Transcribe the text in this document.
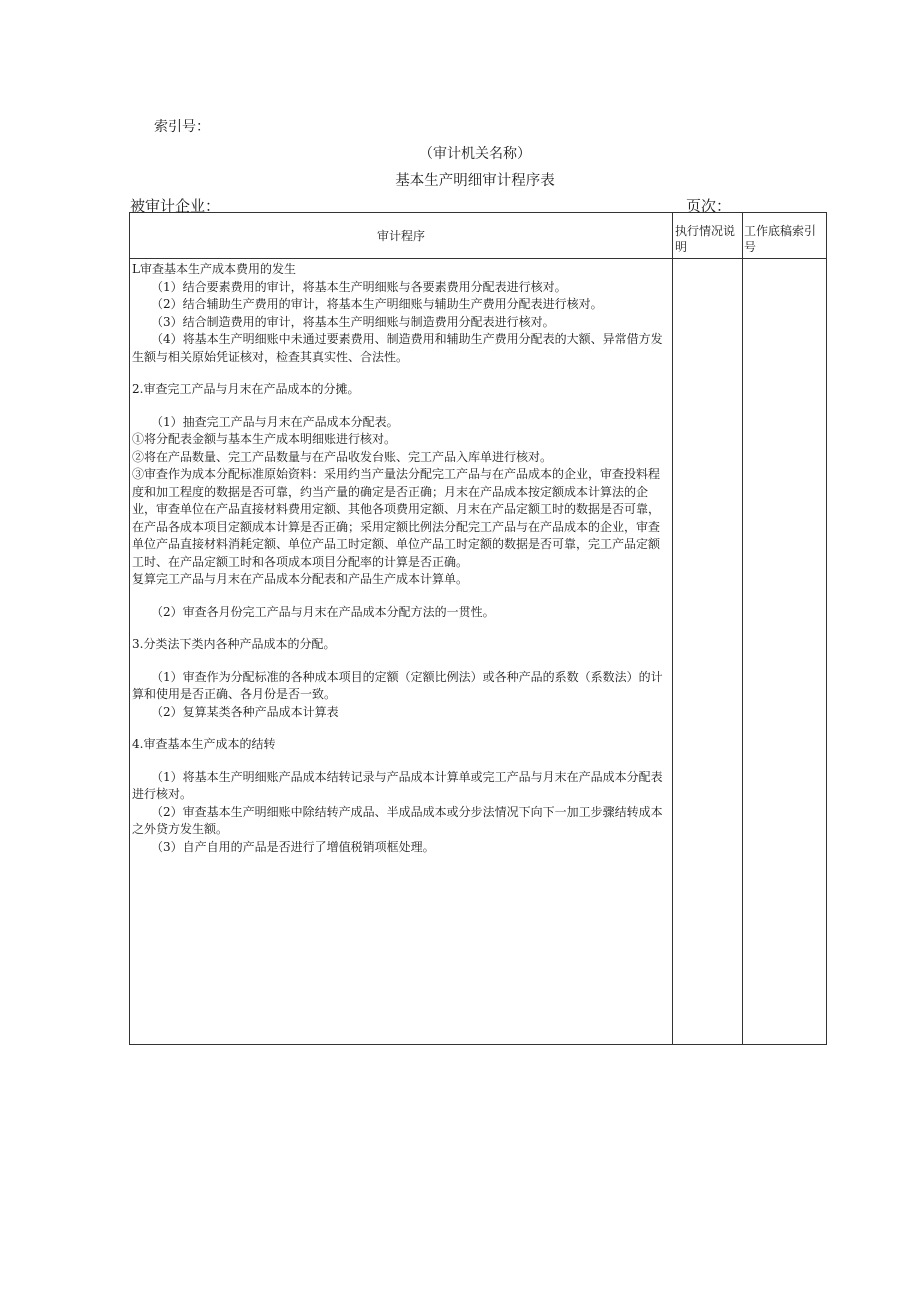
索引号：
（审计机关名称）
基本生产明细审计程序表
被审计企业：	页次：
审计程序	执行情况说明
工作底稿索引号

L审查基本生产成本费用的发生

（1）结合要素费用的审计，将基本生产明细账与各要素费用分配表进行核对。

（2）结合辅助生产费用的审计，将基本生产明细账与辅助生产费用分配表进行核对。

（3）结合制造费用的审计，将基本生产明细账与制造费用分配表进行核对。

（4）将基本生产明细账中未通过要素费用、制造费用和辅助生产费用分配表的大额、异常借方发生额与相关原始凭证核对，检查其真实性、合法性。

2.审查完工产品与月末在产品成本的分摊。

（1）抽查完工产品与月末在产品成本分配表。

①将分配表金额与基本生产成本明细账进行核对。

②将在产品数量、完工产品数量与在产品收发台账、完工产品入库单进行核对。

③审查作为成本分配标准原始资料：采用约当产量法分配完工产品与在产品成本的企业，审查投料程度和加工程度的数据是否可靠，约当产量的确定是否正确；月末在产品成本按定额成本计算法的企业，审查单位在产品直接材料费用定额、其他各项费用定额、月末在产品定额工时的数据是否可靠，在产品各成本项目定额成本计算是否正确；采用定额比例法分配完工产品与在产品成本的企业，审查单位产品直接材料消耗定额、单位产品工时定额、单位产品工时定额的数据是否可靠，完工产品定额工时、在产品定额工时和各项成本项目分配率的计算是否正确。

复算完工产品与月末在产品成本分配表和产品生产成本计算单。

（2）审查各月份完工产品与月末在产品成本分配方法的一贯性。

3.分类法下类内各种产品成本的分配。

（1）审查作为分配标准的各种成本项目的定额（定额比例法）或各种产品的系数（系数法）的计算和使用是否正确、各月份是否一致。

（2）复算某类各种产品成本计算表

4.审查基本生产成本的结转

（1）将基本生产明细账产品成本结转记录与产品成本计算单或完工产品与月末在产品成本分配表进行核对。

（2）审查基本生产明细账中除结转产成品、半成品成本或分步法情况下向下一加工步骤结转成本之外贷方发生额。

（3）自产自用的产品是否进行了增值税销项框处理。
